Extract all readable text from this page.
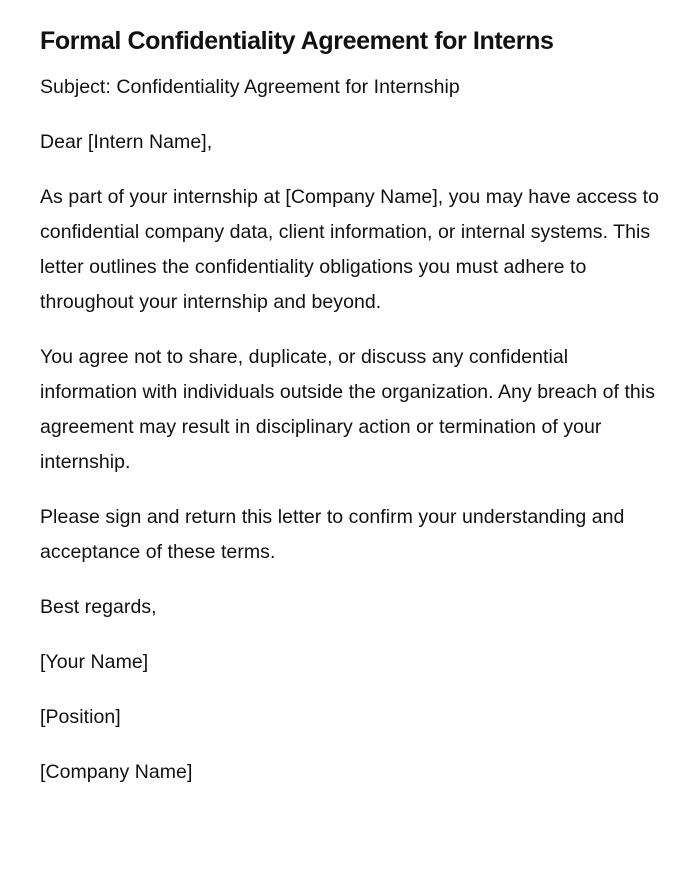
Formal Confidentiality Agreement for Interns

Subject: Confidentiality Agreement for Internship

Dear [Intern Name],

As part of your internship at [Company Name], you may have access to confidential company data, client information, or internal systems. This letter outlines the confidentiality obligations you must adhere to throughout your internship and beyond.

You agree not to share, duplicate, or discuss any confidential information with individuals outside the organization. Any breach of this agreement may result in disciplinary action or termination of your internship.

Please sign and return this letter to confirm your understanding and acceptance of these terms.

Best regards,

[Your Name]

[Position]

[Company Name]
